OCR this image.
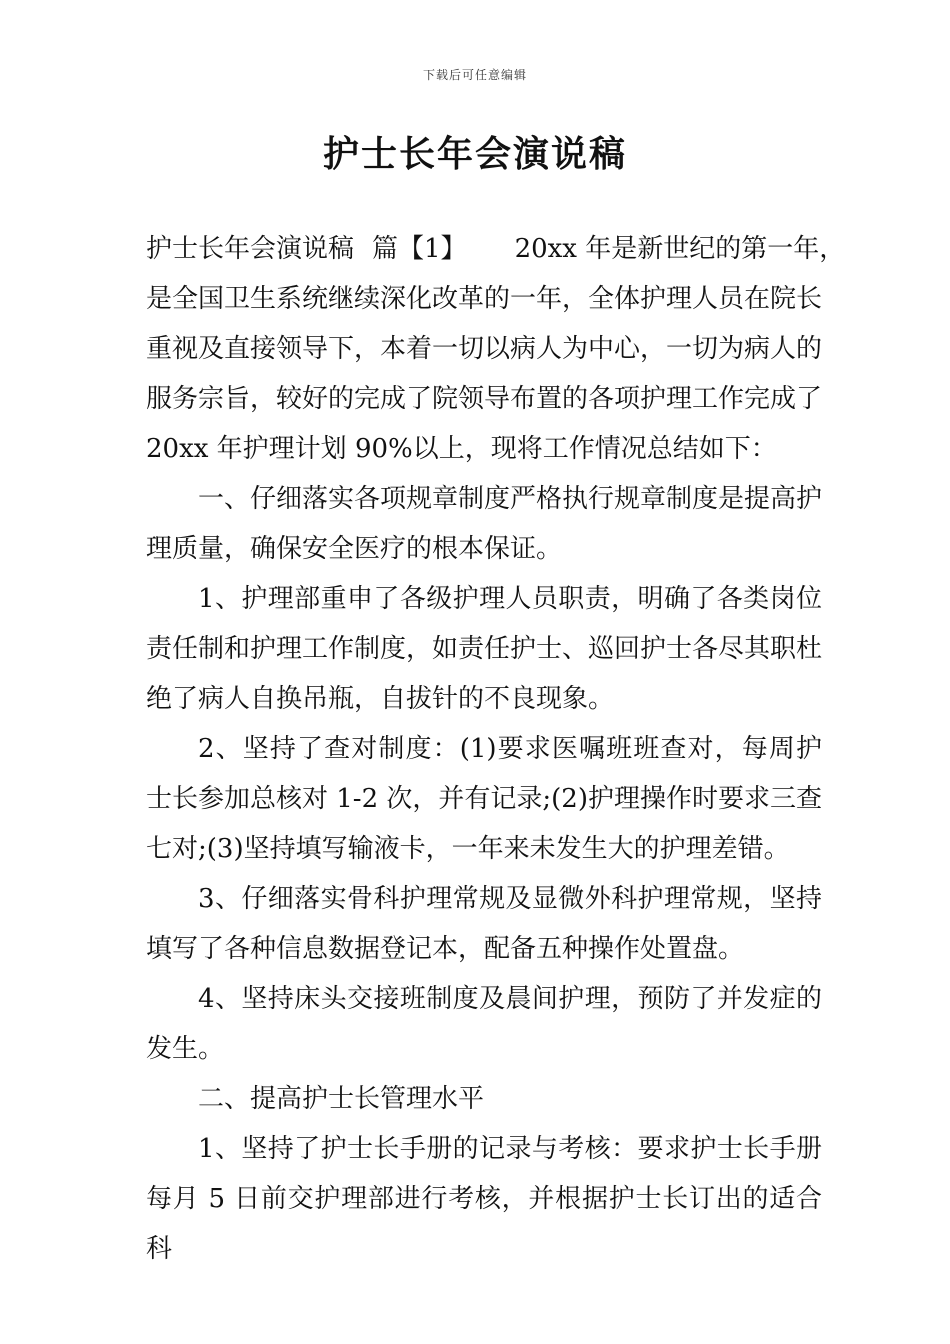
下载后可任意编辑
护士长年会演说稿

护士长年会演说稿 篇【1】 20xx 年是新世纪的第一年，

是全国卫生系统继续深化改革的一年，全体护理人员在院长重视及直接领导下，本着一切以病人为中心，一切为病人的服务宗旨，较好的完成了院领导布置的各项护理工作完成了 20xx 年护理计划 90%以上，现将工作情况总结如下：

一、仔细落实各项规章制度严格执行规章制度是提高护理质量，确保安全医疗的根本保证。

1、护理部重申了各级护理人员职责，明确了各类岗位责任制和护理工作制度，如责任护士、巡回护士各尽其职杜绝了病人自换吊瓶，自拔针的不良现象。

2、坚持了查对制度：(1)要求医嘱班班查对，每周护士长参加总核对 1-2 次，并有记录;(2)护理操作时要求三查七对;(3)坚持填写输液卡，一年来未发生大的护理差错。

3、仔细落实骨科护理常规及显微外科护理常规，坚持填写了各种信息数据登记本，配备五种操作处置盘。

4、坚持床头交接班制度及晨间护理，预防了并发症的发生。

二、提高护士长管理水平

1、坚持了护士长手册的记录与考核：要求护士长手册每月 5 日前交护理部进行考核，并根据护士长订出的适合科
